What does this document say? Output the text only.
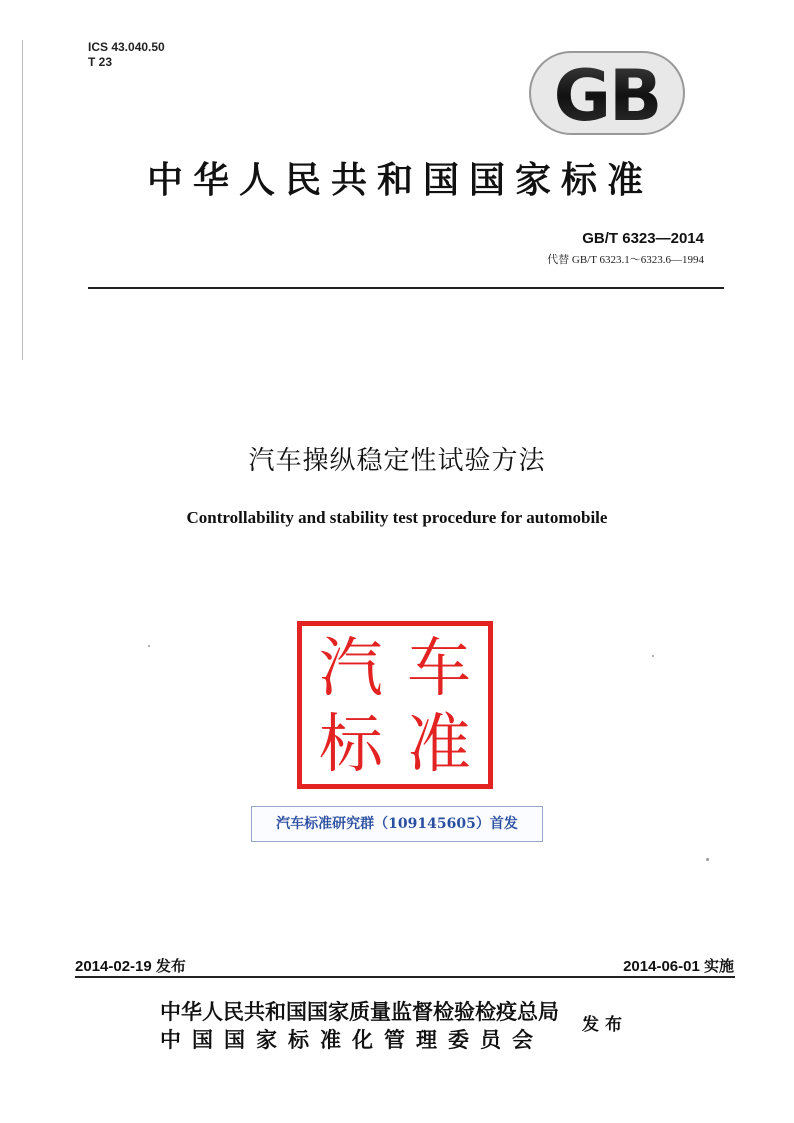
ICS 43.040.50
T 23	GB
中华人民共和国国家标准
GB/T 6323—2014
代替 GB/T 6323.1～6323.6—1994
汽车操纵稳定性试验方法
Controllability and stability test procedure for automobile
汽 车
标 准
汽车标准研究群（109145605）首发
2014-02-19 发布	2014-06-01 实施
中华人民共和国国家质量监督检验检疫总局
中国国家标准化管理委员会
发布
